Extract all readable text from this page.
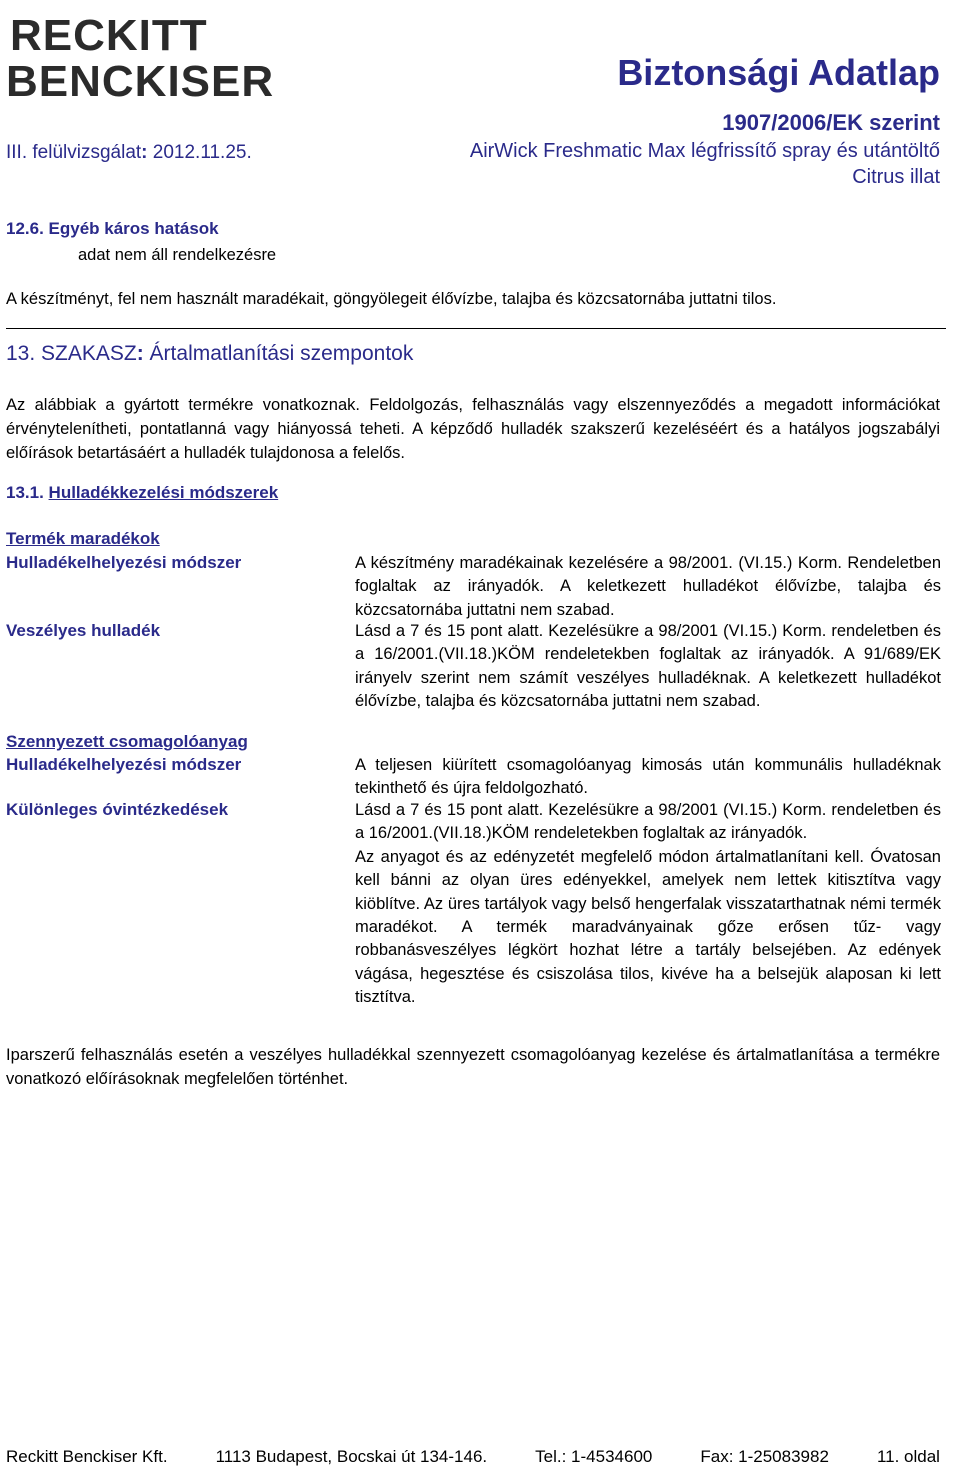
RECKITT
BENCKISER
III. felülvizsgálat: 2012.11.25.
Biztonsági Adatlap
1907/2006/EK szerint
AirWick Freshmatic Max légfrissítő spray és utántöltő
Citrus illat
12.6. Egyéb káros hatások
adat nem áll rendelkezésre
A készítményt, fel nem használt maradékait, göngyölegeit élővízbe, talajba és közcsatornába juttatni tilos.
13. SZAKASZ: Ártalmatlanítási szempontok
Az alábbiak a gyártott termékre vonatkoznak. Feldolgozás, felhasználás vagy elszennyeződés a megadott információkat érvénytelenítheti, pontatlanná vagy hiányossá teheti. A képződő hulladék szakszerű kezeléséért és a hatályos jogszabályi előírások betartásáért a hulladék tulajdonosa a felelős.
13.1. Hulladékkezelési módszerek
Termék maradékok
Hulladékelhelyezési módszer	A készítmény maradékainak kezelésére a 98/2001. (VI.15.) Korm. Rendeletben foglaltak az irányadók. A keletkezett hulladékot élővízbe, talajba és közcsatornába juttatni nem szabad.
Veszélyes hulladék	Lásd a 7 és 15 pont alatt. Kezelésükre a 98/2001 (VI.15.) Korm. rendeletben és a 16/2001.(VII.18.)KÖM rendeletekben foglaltak az irányadók. A 91/689/EK irányelv szerint nem számít veszélyes hulladéknak. A keletkezett hulladékot élővízbe, talajba és közcsatornába juttatni nem szabad.
Szennyezett csomagolóanyag
Hulladékelhelyezési módszer	A teljesen kiürített csomagolóanyag kimosás után kommunális hulladéknak tekinthető és újra feldolgozható.
Különleges óvintézkedések	Lásd a 7 és 15 pont alatt. Kezelésükre a 98/2001 (VI.15.) Korm. rendeletben és a 16/2001.(VII.18.)KÖM rendeletekben foglaltak az irányadók.

Az anyagot és az edényzetét megfelelő módon ártalmatlanítani kell. Óvatosan kell bánni az olyan üres edényekkel, amelyek nem lettek kitisztítva vagy kiöblítve. Az üres tartályok vagy belső hengerfalak visszatarthatnak némi termék maradékot. A termék maradványainak gőze erősen tűz- vagy robbanásveszélyes légkört hozhat létre a tartály belsejében. Az edények vágása, hegesztése és csiszolása tilos, kivéve ha a belsejük alaposan ki lett tisztítva.

Iparszerű felhasználás esetén a veszélyes hulladékkal szennyezett csomagolóanyag kezelése és ártalmatlanítása a termékre vonatkozó előírásoknak megfelelően történhet.
Reckitt Benckiser Kft.	1113 Budapest, Bocskai út 134-146.	Tel.: 1-4534600	Fax: 1-25083982	11. oldal
